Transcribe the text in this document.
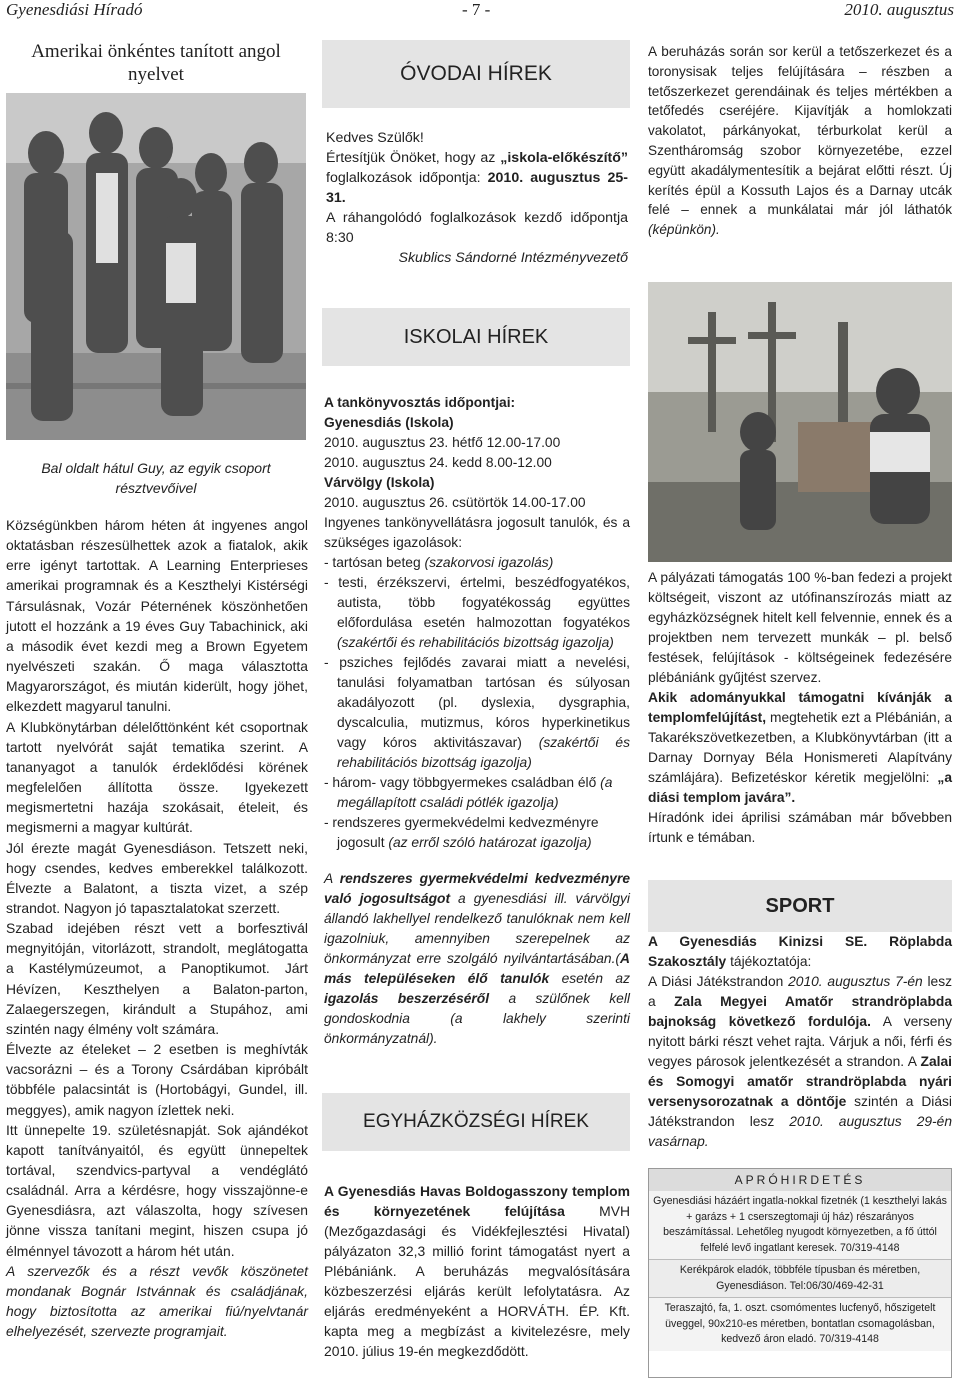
Gyenesdiási Híradó	- 7 -	2010. augusztus
Amerikai önkéntes tanított angol nyelvet	ÓVODAI HÍREK
Kedves Szülők!
Értesítjük Önöket, hogy az „iskola-előkészítő” foglalkozások időpontja: 2010. augusztus 25-31.
A ráhangolódó foglalkozások kezdő időpontja 8:30
Skublics Sándorné Intézményvezető
A beruházás során sor kerül a tetőszerkezet és a toronysisak teljes felújítására – részben a tetőszerkezet gerendáinak és teljes mértékben a tetőfedés cseréjére. Kijavítják a homlokzati vakolatot, párkányokat, térburkolat kerül a Szentháromság szobor környezetébe, ezzel együtt akadálymentesítik a bejárat előtti részt. Új kerítés épül a Kossuth Lajos és a Darnay utcák felé – ennek a munkálatai már jól láthatók (képünkön).
ISKOLAI HÍREK
Bal oldalt hátul Guy, az egyik csoport résztvevőivel

Községünkben három héten át ingyenes angol oktatásban részesülhettek azok a fiatalok, akik erre igényt tartottak. A Learning Enterprieses amerikai programnak és a Keszthelyi Kistérségi Társulásnak, Vozár Péternének köszönhetően jutott el hozzánk a 19 éves Guy Tabachinick, aki a második évet kezdi meg a Brown Egyetem nyelvészeti szakán. Ő maga választotta Magyarországot, és miután kiderült, hogy jöhet, elkezdett magyarul tanulni.

A Klubkönytárban délelőttönként két csoportnak tartott nyelvórát saját tematika szerint. A tananyagot a tanulók érdeklődési körének megfelelően állította össze. Igyekezett megismertetni hazája szokásait, ételeit, és megismerni a magyar kultúrát.

Jól érezte magát Gyenesdiáson. Tetszett neki, hogy csendes, kedves emberekkel találkozott. Élvezte a Balatont, a tiszta vizet, a szép strandot. Nagyon jó tapasztalatokat szerzett.

Szabad idejében részt vett a borfesztivál megnyitóján, vitorlázott, strandolt, meglátogatta a Kastélymúzeumot, a Panoptikumot. Járt Hévízen, Keszthelyen a Balaton-parton, Zalaegerszegen, kirándult a Stupához, ami szintén nagy élmény volt számára.

Élvezte az ételeket – 2 esetben is meghívták vacsorázni – és a Torony Csárdában kipróbált többféle palacsintát is (Hortobágyi, Gundel, ill. meggyes), amik nagyon ízlettek neki.

Itt ünnepelte 19. születésnapját. Sok ajándékot kapott tanítványaitól, és együtt ünnepeltek tortával, szendvics-partyval a vendéglátó családnál. Arra a kérdésre, hogy visszajönne-e Gyenesdiásra, azt válaszolta, hogy szívesen jönne vissza tanítani megint, hiszen csupa jó élménnyel távozott a három hét után.

A szervezők és a részt vevők köszönetet mondanak Bognár Istvánnak és családjának, hogy biztosította az amerikai fiú/nyelvtanár elhelyezését, szervezte programjait.

A tankönyvosztás időpontjai:

Gyenesdiás (Iskola)

2010. augusztus 23. hétfő 12.00-17.00

2010. augusztus 24. kedd 8.00-12.00

Várvölgy (Iskola)

2010. augusztus 26. csütörtök 14.00-17.00

Ingyenes tankönyvellátásra jogosult tanulók, és a szükséges igazolások:

- tartósan beteg (szakorvosi igazolás)

- testi, érzékszervi, értelmi, beszédfogyatékos, autista, több fogyatékosság együttes előfordulása esetén halmozottan fogyatékos (szakértői és rehabilitációs bizottság igazolja)

- psziches fejlődés zavarai miatt a nevelési, tanulási folyamatban tartósan és súlyosan akadályozott (pl. dyslexia, dysgraphia, dyscalculia, mutizmus, kóros hyperkinetikus vagy kóros aktivitászavar) (szakértői és rehabilitációs bizottság igazolja)

- három- vagy többgyermekes családban élő (a megállapított családi pótlék igazolja)

- rendszeres gyermekvédelmi kedvezményre jogosult (az erről szóló határozat igazolja)

A rendszeres gyermekvédelmi kedvezményre való jogosultságot a gyenesdiási ill. várvölgyi állandó lakhellyel rendelkező tanulóknak nem kell igazolniuk, amennyiben szerepelnek az önkormányzat erre szolgáló nyilvántartásában.(A más településeken élő tanulók esetén az igazolás beszerzéséről a szülőnek kell gondoskodnia (a lakhely szerinti önkormányzatnál).

A pályázati támogatás 100 %-ban fedezi a projekt költségeit, viszont az utófinanszírozás miatt az egyházközségnek hitelt kell felvennie, ennek és a projektben nem tervezett munkák – pl. belső festések, felújítások - költségeinek fedezésére plébániánk gyűjtést szervez.

Akik adományukkal támogatni kívánják a templomfelújítást, megtehetik ezt a Plébánián, a Takarékszövetkezetben, a Klubkönyvtárban (itt a Darnay Dornyay Béla Honismereti Alapítvány számlájára). Befizetéskor kéretik megjelölni: „a diási templom javára”.

Híradónk idei áprilisi számában már bővebben írtunk e témában.

SPORT
A Gyenesdiás Kinizsi SE. Röplabda Szakosztály tájékoztatója:
A Diási Játékstrandon 2010. augusztus 7-én lesz a Zala Megyei Amatőr strandröplabda bajnokság következő fordulója. A verseny nyitott bárki részt vehet rajta. Várjuk a női, férfi és vegyes párosok jelentkezését a strandon. A Zalai és Somogyi amatőr strandröplabda nyári versenysorozatnak a döntője szintén a Diási Játékstrandon lesz 2010. augusztus 29-én vasárnap.
EGYHÁZKÖZSÉGI HÍREK
A Gyenesdiás Havas Boldogasszony templom és környezetének felújítása MVH (Mezőgazdasági és Vidékfejlesztési Hivatal) pályázaton 32,3 millió forint támogatást nyert a Plébániánk. A beruházás megvalósítására közbeszerzési eljárás került lefolytatásra. Az eljárás eredményeként a HORVÁTH. ÉP. Kft. kapta meg a megbízást a kivitelezésre, mely 2010. július 19-én megkezdődött.
APRÓHIRDETÉS
Gyenesdiási házáért ingatla-nokkal fizetnék (1 keszthelyi lakás + garázs + 1 cserszegtomaji új ház) részarányos beszámítással. Lehetőleg nyugodt környezetben, a fő úttól felfelé levő ingatlant keresek. 70/319-4148
Kerékpárok eladók, többféle típusban és méretben, Gyenesdiáson. Tel:06/30/469-42-31
Teraszajtó, fa, 1. oszt. csomómentes lucfenyő, hőszigetelt üveggel, 90x210-es méretben, bontatlan csomagolásban, kedvező áron eladó. 70/319-4148
